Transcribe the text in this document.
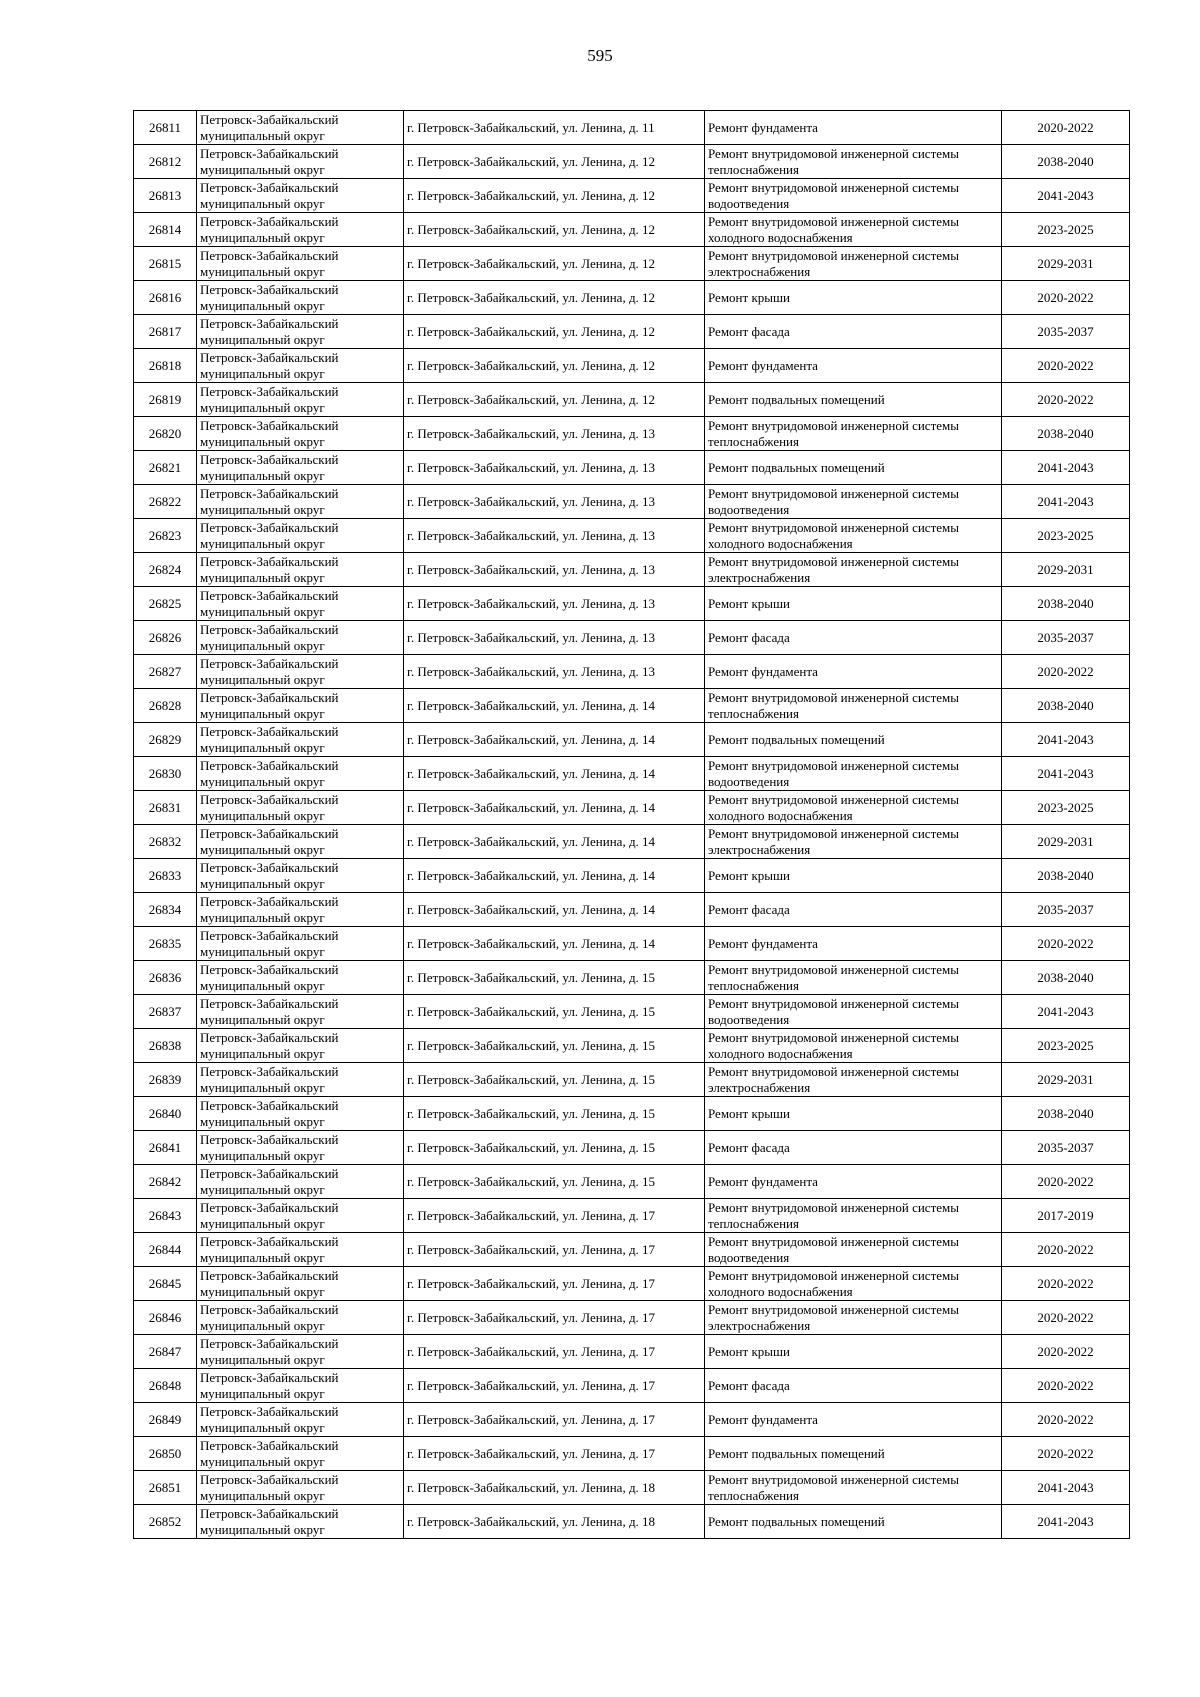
595
26811	Петровск-Забайкальский муниципальный округ	г. Петровск-Забайкальский, ул. Ленина, д. 11	Ремонт фундамента	2020-2022
26812	Петровск-Забайкальский муниципальный округ	г. Петровск-Забайкальский, ул. Ленина, д. 12	Ремонт внутридомовой инженерной системы теплоснабжения	2038-2040
26813	Петровск-Забайкальский муниципальный округ	г. Петровск-Забайкальский, ул. Ленина, д. 12	Ремонт внутридомовой инженерной системы водоотведения	2041-2043
26814	Петровск-Забайкальский муниципальный округ	г. Петровск-Забайкальский, ул. Ленина, д. 12	Ремонт внутридомовой инженерной системы холодного водоснабжения	2023-2025
26815	Петровск-Забайкальский муниципальный округ	г. Петровск-Забайкальский, ул. Ленина, д. 12	Ремонт внутридомовой инженерной системы электроснабжения	2029-2031
26816	Петровск-Забайкальский муниципальный округ	г. Петровск-Забайкальский, ул. Ленина, д. 12	Ремонт крыши	2020-2022
26817	Петровск-Забайкальский муниципальный округ	г. Петровск-Забайкальский, ул. Ленина, д. 12	Ремонт фасада	2035-2037
26818	Петровск-Забайкальский муниципальный округ	г. Петровск-Забайкальский, ул. Ленина, д. 12	Ремонт фундамента	2020-2022
26819	Петровск-Забайкальский муниципальный округ	г. Петровск-Забайкальский, ул. Ленина, д. 12	Ремонт подвальных помещений	2020-2022
26820	Петровск-Забайкальский муниципальный округ	г. Петровск-Забайкальский, ул. Ленина, д. 13	Ремонт внутридомовой инженерной системы теплоснабжения	2038-2040
26821	Петровск-Забайкальский муниципальный округ	г. Петровск-Забайкальский, ул. Ленина, д. 13	Ремонт подвальных помещений	2041-2043
26822	Петровск-Забайкальский муниципальный округ	г. Петровск-Забайкальский, ул. Ленина, д. 13	Ремонт внутридомовой инженерной системы водоотведения	2041-2043
26823	Петровск-Забайкальский муниципальный округ	г. Петровск-Забайкальский, ул. Ленина, д. 13	Ремонт внутридомовой инженерной системы холодного водоснабжения	2023-2025
26824	Петровск-Забайкальский муниципальный округ	г. Петровск-Забайкальский, ул. Ленина, д. 13	Ремонт внутридомовой инженерной системы электроснабжения	2029-2031
26825	Петровск-Забайкальский муниципальный округ	г. Петровск-Забайкальский, ул. Ленина, д. 13	Ремонт крыши	2038-2040
26826	Петровск-Забайкальский муниципальный округ	г. Петровск-Забайкальский, ул. Ленина, д. 13	Ремонт фасада	2035-2037
26827	Петровск-Забайкальский муниципальный округ	г. Петровск-Забайкальский, ул. Ленина, д. 13	Ремонт фундамента	2020-2022
26828	Петровск-Забайкальский муниципальный округ	г. Петровск-Забайкальский, ул. Ленина, д. 14	Ремонт внутридомовой инженерной системы теплоснабжения	2038-2040
26829	Петровск-Забайкальский муниципальный округ	г. Петровск-Забайкальский, ул. Ленина, д. 14	Ремонт подвальных помещений	2041-2043
26830	Петровск-Забайкальский муниципальный округ	г. Петровск-Забайкальский, ул. Ленина, д. 14	Ремонт внутридомовой инженерной системы водоотведения	2041-2043
26831	Петровск-Забайкальский муниципальный округ	г. Петровск-Забайкальский, ул. Ленина, д. 14	Ремонт внутридомовой инженерной системы холодного водоснабжения	2023-2025
26832	Петровск-Забайкальский муниципальный округ	г. Петровск-Забайкальский, ул. Ленина, д. 14	Ремонт внутридомовой инженерной системы электроснабжения	2029-2031
26833	Петровск-Забайкальский муниципальный округ	г. Петровск-Забайкальский, ул. Ленина, д. 14	Ремонт крыши	2038-2040
26834	Петровск-Забайкальский муниципальный округ	г. Петровск-Забайкальский, ул. Ленина, д. 14	Ремонт фасада	2035-2037
26835	Петровск-Забайкальский муниципальный округ	г. Петровск-Забайкальский, ул. Ленина, д. 14	Ремонт фундамента	2020-2022
26836	Петровск-Забайкальский муниципальный округ	г. Петровск-Забайкальский, ул. Ленина, д. 15	Ремонт внутридомовой инженерной системы теплоснабжения	2038-2040
26837	Петровск-Забайкальский муниципальный округ	г. Петровск-Забайкальский, ул. Ленина, д. 15	Ремонт внутридомовой инженерной системы водоотведения	2041-2043
26838	Петровск-Забайкальский муниципальный округ	г. Петровск-Забайкальский, ул. Ленина, д. 15	Ремонт внутридомовой инженерной системы холодного водоснабжения	2023-2025
26839	Петровск-Забайкальский муниципальный округ	г. Петровск-Забайкальский, ул. Ленина, д. 15	Ремонт внутридомовой инженерной системы электроснабжения	2029-2031
26840	Петровск-Забайкальский муниципальный округ	г. Петровск-Забайкальский, ул. Ленина, д. 15	Ремонт крыши	2038-2040
26841	Петровск-Забайкальский муниципальный округ	г. Петровск-Забайкальский, ул. Ленина, д. 15	Ремонт фасада	2035-2037
26842	Петровск-Забайкальский муниципальный округ	г. Петровск-Забайкальский, ул. Ленина, д. 15	Ремонт фундамента	2020-2022
26843	Петровск-Забайкальский муниципальный округ	г. Петровск-Забайкальский, ул. Ленина, д. 17	Ремонт внутридомовой инженерной системы теплоснабжения	2017-2019
26844	Петровск-Забайкальский муниципальный округ	г. Петровск-Забайкальский, ул. Ленина, д. 17	Ремонт внутридомовой инженерной системы водоотведения	2020-2022
26845	Петровск-Забайкальский муниципальный округ	г. Петровск-Забайкальский, ул. Ленина, д. 17	Ремонт внутридомовой инженерной системы холодного водоснабжения	2020-2022
26846	Петровск-Забайкальский муниципальный округ	г. Петровск-Забайкальский, ул. Ленина, д. 17	Ремонт внутридомовой инженерной системы электроснабжения	2020-2022
26847	Петровск-Забайкальский муниципальный округ	г. Петровск-Забайкальский, ул. Ленина, д. 17	Ремонт крыши	2020-2022
26848	Петровск-Забайкальский муниципальный округ	г. Петровск-Забайкальский, ул. Ленина, д. 17	Ремонт фасада	2020-2022
26849	Петровск-Забайкальский муниципальный округ	г. Петровск-Забайкальский, ул. Ленина, д. 17	Ремонт фундамента	2020-2022
26850	Петровск-Забайкальский муниципальный округ	г. Петровск-Забайкальский, ул. Ленина, д. 17	Ремонт подвальных помещений	2020-2022
26851	Петровск-Забайкальский муниципальный округ	г. Петровск-Забайкальский, ул. Ленина, д. 18	Ремонт внутридомовой инженерной системы теплоснабжения	2041-2043
26852	Петровск-Забайкальский муниципальный округ	г. Петровск-Забайкальский, ул. Ленина, д. 18	Ремонт подвальных помещений	2041-2043
